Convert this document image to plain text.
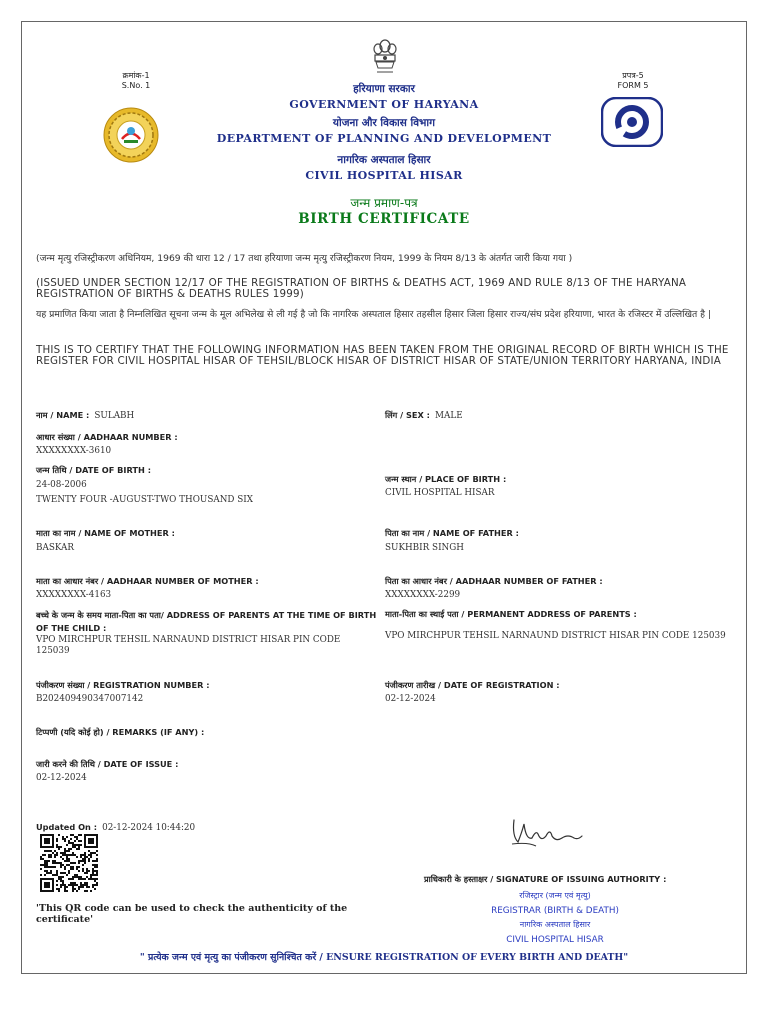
क्रमांक-1
S.No. 1
प्रपत्र-5
FORM 5
हरियाणा सरकार
GOVERNMENT OF HARYANA
योजना और विकास विभाग
DEPARTMENT OF PLANNING AND DEVELOPMENT
नागरिक अस्पताल हिसार
CIVIL HOSPITAL HISAR
जन्म प्रमाण-पत्र
BIRTH CERTIFICATE
(जन्म मृत्यु रजिस्ट्रीकरण अधिनियम, 1969 की धारा 12 / 17 तथा हरियाणा जन्म मृत्यु रजिस्ट्रीकरण नियम, 1999 के नियम 8/13 के अंतर्गत जारी किया गया )
(ISSUED UNDER SECTION 12/17 OF THE REGISTRATION OF BIRTHS & DEATHS ACT, 1969 AND RULE 8/13 OF THE HARYANA REGISTRATION OF BIRTHS & DEATHS RULES 1999)
यह प्रमाणित किया जाता है निम्नलिखित सूचना जन्म के मूल अभिलेख से ली गई है जो कि नागरिक अस्पताल हिसार तहसील हिसार जिला हिसार राज्य/संघ प्रदेश हरियाणा, भारत के रजिस्टर में उल्लिखित है |
THIS IS TO CERTIFY THAT THE FOLLOWING INFORMATION HAS BEEN TAKEN FROM THE ORIGINAL RECORD OF BIRTH WHICH IS THE REGISTER FOR CIVIL HOSPITAL HISAR OF TEHSIL/BLOCK HISAR OF DISTRICT HISAR OF STATE/UNION TERRITORY HARYANA, INDIA
नाम / NAME : SULABH	लिंग / SEX : MALE
आधार संख्या / AADHAAR NUMBER :
XXXXXXXX-3610
जन्म तिथि / DATE OF BIRTH :
24-08-2006
TWENTY FOUR -AUGUST-TWO THOUSAND SIX
जन्म स्थान / PLACE OF BIRTH :
CIVIL HOSPITAL HISAR
माता का नाम / NAME OF MOTHER :
BASKAR
पिता का नाम / NAME OF FATHER :
SUKHBIR SINGH
माता का आधार नंबर / AADHAAR NUMBER OF MOTHER :
XXXXXXXX-4163
पिता का आधार नंबर / AADHAAR NUMBER OF FATHER :
XXXXXXXX-2299
बच्चे के जन्म के समय माता-पिता का पता/ ADDRESS OF PARENTS AT THE TIME OF BIRTH OF THE CHILD :
VPO MIRCHPUR TEHSIL NARNAUND DISTRICT HISAR PIN CODE 125039
माता-पिता का स्थाई पता / PERMANENT ADDRESS OF PARENTS :
VPO MIRCHPUR TEHSIL NARNAUND DISTRICT HISAR PIN CODE 125039
पंजीकरण संख्या / REGISTRATION NUMBER :
B202409490347007142
पंजीकरण तारीख / DATE OF REGISTRATION :
02-12-2024
टिप्पणी (यदि कोई हो) / REMARKS (IF ANY) :
जारी करने की तिथि / DATE OF ISSUE :
02-12-2024
Updated On : 02-12-2024 10:44:20
'This QR code can be used to check the authenticity of the certificate'
प्राधिकारी के हस्ताक्षर / SIGNATURE OF ISSUING AUTHORITY :
रजिस्ट्रार (जन्म एवं मृत्यु)
REGISTRAR (BIRTH & DEATH)
नागरिक अस्पताल हिसार
CIVIL HOSPITAL HISAR
" प्रत्येक जन्म एवं मृत्यु का पंजीकरण सुनिश्चित करें / ENSURE REGISTRATION OF EVERY BIRTH AND DEATH"
